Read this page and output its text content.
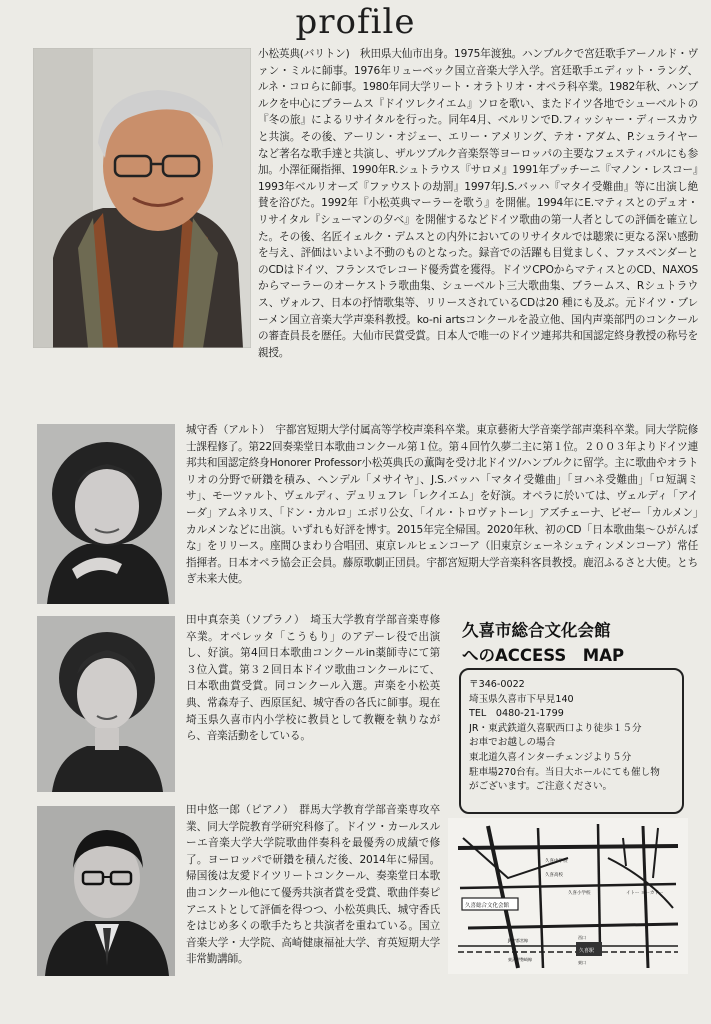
profile

小松英典(バリトン)　秋田県大仙市出身。1975年渡独。ハンブルクで宮廷歌手アーノルド・ヴァン・ミルに師事。1976年リューベック国立音楽大学入学。宮廷歌手エディット・ラング、ルネ・コロらに師事。1980年同大学リート・オラトリオ・オペラ科卒業。1982年秋、ハンブルクを中心にブラームス『ドイツレクイエム』ソロを歌い、またドイツ各地でシューベルトの『冬の旅』によるリサイタルを行った。同年4月、ベルリンでD.フィッシャー・ディースカウと共演。その後、アーリン・オジェー、エリー・アメリング、テオ・アダム、P.シュライヤーなど著名な歌手達と共演し、ザルツブルク音楽祭等ヨーロッパの主要なフェスティバルにも参加。小澤征爾指揮、1990年R.シュトラウス『サロメ』1991年プッチーニ『マノン・レスコー』1993年ベルリオーズ『ファウストの劫罰』1997年J.S.バッハ『マタイ受難曲』等に出演し絶賛を浴びた。1992年『小松英典マーラーを歌う』を開催。1994年にE.マティスとのデュオ・リサイタル『シューマンの夕べ』を開催するなどドイツ歌曲の第一人者としての評価を確立した。その後、名匠イェルク・デムスとの内外においてのリサイタルでは聴衆に更なる深い感動を与え、評価はいよいよ不動のものとなった。録音での活躍も目覚ましく、ファスベンダーとのCDはドイツ、フランスでレコード優秀賞を獲得。ドイツCPOからマティスとのCD、NAXOSからマーラーのオーケストラ歌曲集、シューベルト三大歌曲集、ブラームス、Rシュトラウス、ヴォルフ、日本の抒情歌集等、リリースされているCDは20 種にも及ぶ。元ドイツ・ブレーメン国立音楽大学声楽科教授。ko-ni artsコンクールを設立他、国内声楽部門のコンクールの審査員長を歴任。大仙市民賞受賞。日本人で唯一のドイツ連邦共和国認定終身教授の称号を親授。

城守香（アルト）　宇都宮短期大学付属高等学校声楽科卒業。東京藝術大学音楽学部声楽科卒業。同大学院修士課程修了。第22回奏楽堂日本歌曲コンクール第１位。第４回竹久夢二主に第１位。２００３年よりドイツ連邦共和国認定終身Honorer Professor小松英典氏の薫陶を受け北ドイツ/ハンブルクに留学。主に歌曲やオラトリオの分野で研鑽を積み、ヘンデル「メサイヤ」、J.S.バッハ「マタイ受難曲」「ヨハネ受難曲」「ロ短調ミサ」、モーツァルト、ヴェルディ、デュリュフレ「レクイエム」を好演。オペラに於いては、ヴェルディ「アイーダ」アムネリス、「ドン・カルロ」エボリ公女、「イル・トロヴァトーレ」アズチェーナ、ビゼー「カルメン」カルメンなどに出演。いずれも好評を博す。2015年完全帰国。2020年秋、初のCD「日本歌曲集～ひがんばな」をリリース。座間ひまわり合唱団、東京レルヒェンコーア（旧東京シェーネシュティンメンコーア）常任指揮者。日本オペラ協会正会員。藤原歌劇正団員。宇都宮短期大学音楽科客員教授。鹿沼ふるさと大使。とちぎ未来大使。

田中真奈美（ソプラノ）　埼玉大学教育学部音楽専修卒業。オペレッタ「こうもり」のアデーレ役で出演し、好演。第4回日本歌曲コンクールin薬師寺にて第３位入賞。第３２回日本ドイツ歌曲コンクールにて、日本歌曲賞受賞。同コンクール入選。声楽を小松英典、常森寿子、西原匡紀、城守香の各氏に師事。現在埼玉県久喜市内小学校に教員として教鞭を執りながら、音楽活動をしている。

田中悠一郎（ピアノ）　群馬大学教育学部音楽専攻卒業、同大学院教育学研究科修了。ドイツ・カールスルーエ音楽大学大学院歌曲伴奏科を最優秀の成績で修了。ヨーロッパで研鑽を積んだ後、2014年に帰国。帰国後は友愛ドイツリートコンクール、奏楽堂日本歌曲コンクール他にて優秀共演者賞を受賞、歌曲伴奏ピアニストとして評価を得つつ、小松英典氏、城守香氏をはじめ多くの歌手たちと共演者を重ねている。国立音楽大学・大学院、高崎健康福祉大学、育英短期大学非常勤講師。

久喜市総合文化会館
へのACCESS　MAP
〒346-0022
埼玉県久喜市下早見140
TEL　0480-21-1799
JR・東武鉄道久喜駅西口より徒歩１５分
お車でお越しの場合
東北道久喜インターチェンジより５分
駐車場270台有。当日大ホールにても催し物
がございます。ご注意ください。
久喜中学校
久喜高校
久喜小学校
久喜総合文化会館
イトー ヨーカドー
久喜駅
西口
東口
JR宇都宮線
東武伊勢崎線
